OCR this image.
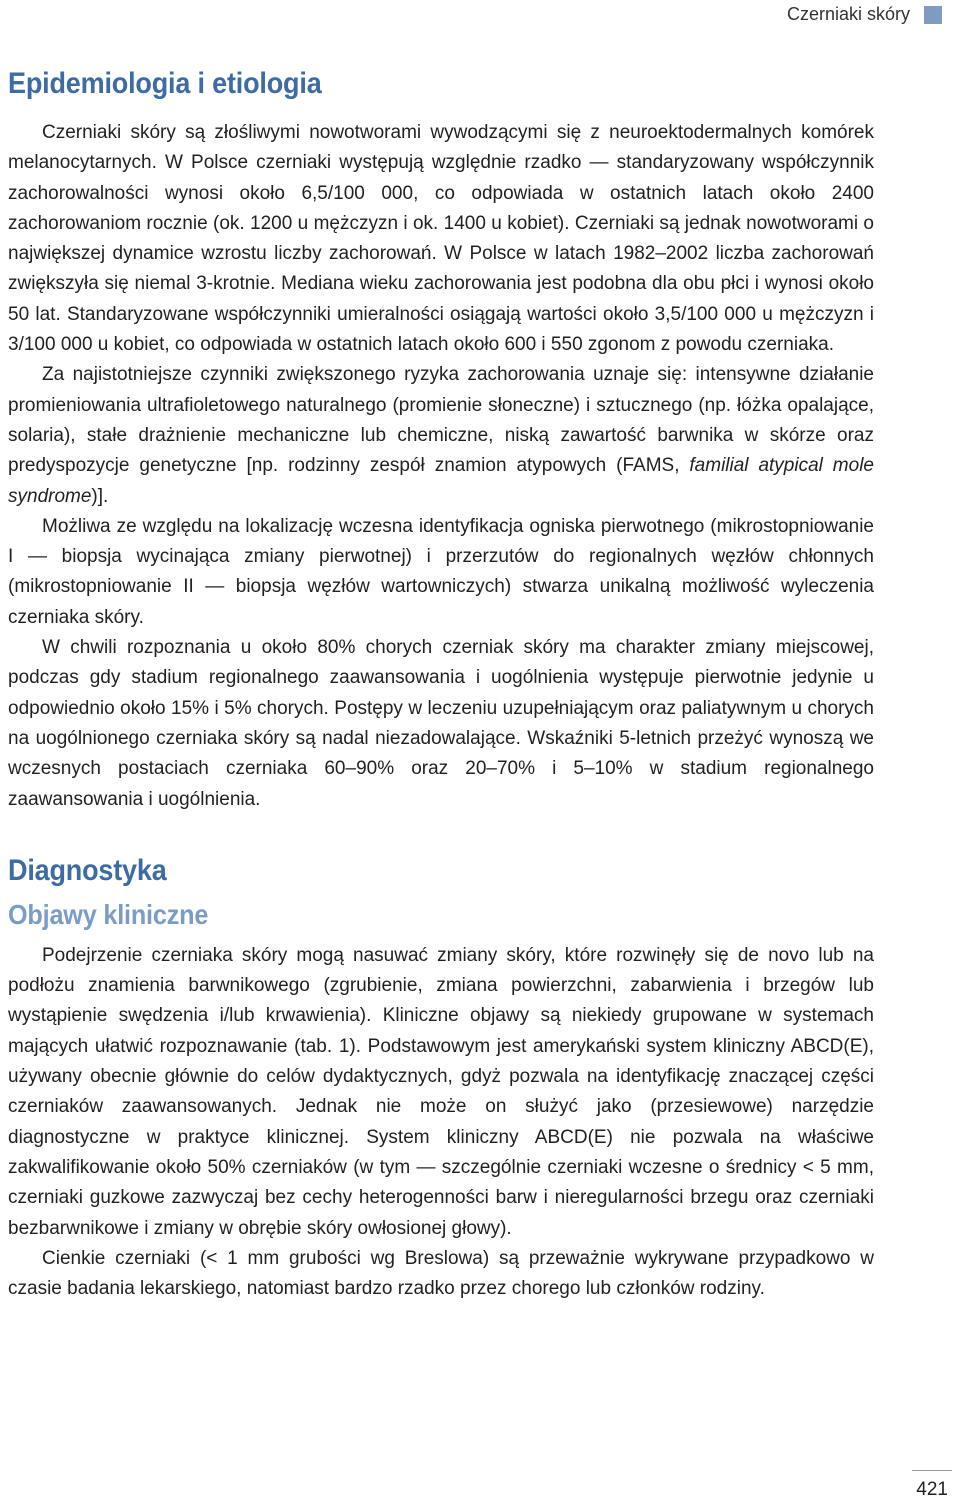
Czerniaki skóry
Epidemiologia i etiologia

Czerniaki skóry są złośliwymi nowotworami wywodzącymi się z neuroektodermalnych komórek melanocytarnych. W Polsce czerniaki występują względnie rzadko — standaryzowany współczynnik zachorowalności wynosi około 6,5/100 000, co odpowiada w ostatnich latach około 2400 zachorowaniom rocznie (ok. 1200 u mężczyzn i ok. 1400 u kobiet). Czerniaki są jednak nowotworami o największej dynamice wzrostu liczby zachorowań. W Polsce w latach 1982–2002 liczba zachorowań zwiększyła się niemal 3-krotnie. Mediana wieku zachorowania jest podobna dla obu płci i wynosi około 50 lat. Standaryzowane współczynniki umieralności osiągają wartości około 3,5/100 000 u mężczyzn i 3/100 000 u kobiet, co odpowiada w ostatnich latach około 600 i 550 zgonom z powodu czerniaka.

Za najistotniejsze czynniki zwiększonego ryzyka zachorowania uznaje się: intensywne działanie promieniowania ultrafioletowego naturalnego (promienie słoneczne) i sztucznego (np. łóżka opalające, solaria), stałe drażnienie mechaniczne lub chemiczne, niską zawartość barwnika w skórze oraz predyspozycje genetyczne [np. rodzinny zespół znamion atypowych (FAMS, familial atypical mole syndrome)].

Możliwa ze względu na lokalizację wczesna identyfikacja ogniska pierwotnego (mikrostopniowanie I — biopsja wycinająca zmiany pierwotnej) i przerzutów do regionalnych węzłów chłonnych (mikrostopniowanie II — biopsja węzłów wartowniczych) stwarza unikalną możliwość wyleczenia czerniaka skóry.

W chwili rozpoznania u około 80% chorych czerniak skóry ma charakter zmiany miejscowej, podczas gdy stadium regionalnego zaawansowania i uogólnienia występuje pierwotnie jedynie u odpowiednio około 15% i 5% chorych. Postępy w leczeniu uzupełniającym oraz paliatywnym u chorych na uogólnionego czerniaka skóry są nadal niezadowalające. Wskaźniki 5-letnich przeżyć wynoszą we wczesnych postaciach czerniaka 60–90% oraz 20–70% i 5–10% w stadium regionalnego zaawansowania i uogólnienia.

Diagnostyka
Objawy kliniczne

Podejrzenie czerniaka skóry mogą nasuwać zmiany skóry, które rozwinęły się de novo lub na podłożu znamienia barwnikowego (zgrubienie, zmiana powierzchni, zabarwienia i brzegów lub wystąpienie swędzenia i/lub krwawienia). Kliniczne objawy są niekiedy grupowane w systemach mających ułatwić rozpoznawanie (tab. 1). Podstawowym jest amerykański system kliniczny ABCD(E), używany obecnie głównie do celów dydaktycznych, gdyż pozwala na identyfikację znaczącej części czerniaków zaawansowanych. Jednak nie może on służyć jako (przesiewowe) narzędzie diagnostyczne w praktyce klinicznej. System kliniczny ABCD(E) nie pozwala na właściwe zakwalifikowanie około 50% czerniaków (w tym — szczególnie czerniaki wczesne o średnicy < 5 mm, czerniaki guzkowe zazwyczaj bez cechy heterogenności barw i nieregularności brzegu oraz czerniaki bezbarwnikowe i zmiany w obrębie skóry owłosionej głowy).

Cienkie czerniaki (< 1 mm grubości wg Breslowa) są przeważnie wykrywane przypadkowo w czasie badania lekarskiego, natomiast bardzo rzadko przez chorego lub członków rodziny.

421
